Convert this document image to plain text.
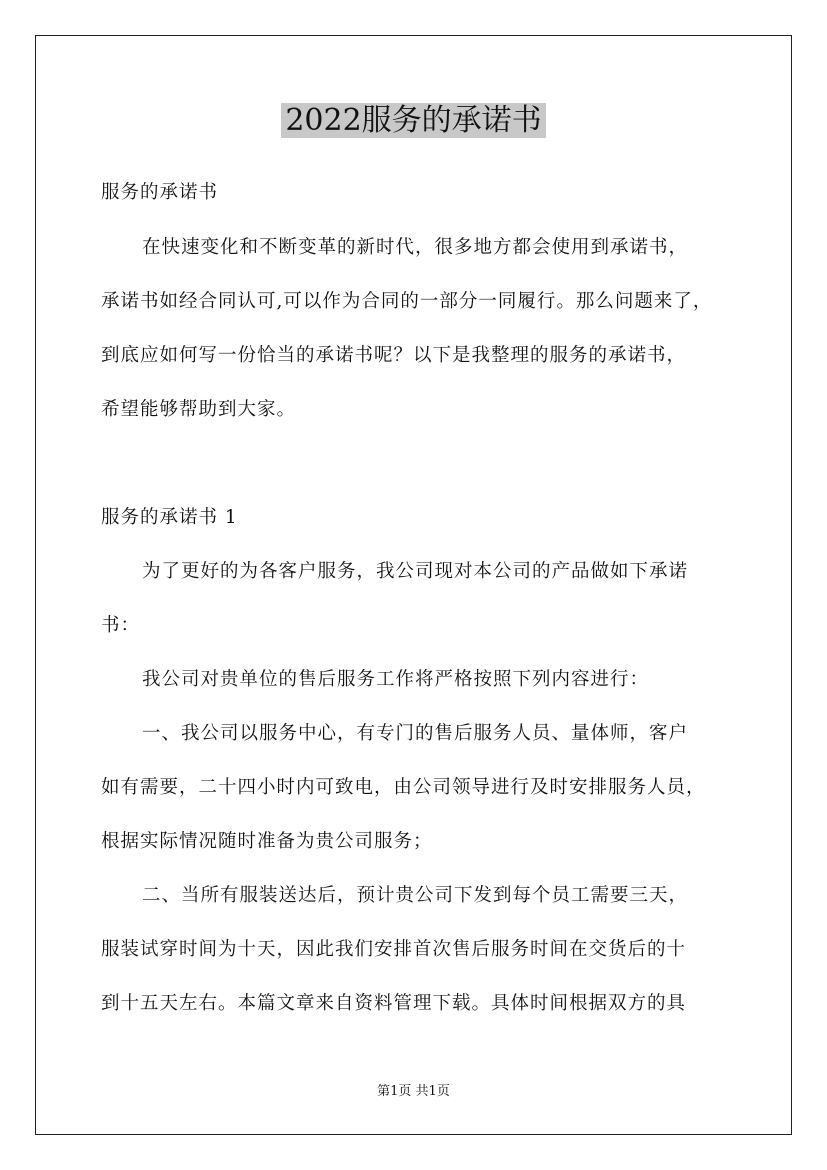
2022服务的承诺书
服务的承诺书
在快速变化和不断变革的新时代，很多地方都会使用到承诺书，
承诺书如经合同认可,可以作为合同的一部分一同履行。那么问题来了，
到底应如何写一份恰当的承诺书呢？以下是我整理的服务的承诺书，
希望能够帮助到大家。
服务的承诺书 1
为了更好的为各客户服务，我公司现对本公司的产品做如下承诺
书：
我公司对贵单位的售后服务工作将严格按照下列内容进行：
一、我公司以服务中心，有专门的售后服务人员、量体师，客户
如有需要，二十四小时内可致电，由公司领导进行及时安排服务人员，
根据实际情况随时准备为贵公司服务；
二、当所有服装送达后，预计贵公司下发到每个员工需要三天，
服装试穿时间为十天，因此我们安排首次售后服务时间在交货后的十
到十五天左右。本篇文章来自资料管理下载。具体时间根据双方的具
第1页 共1页
